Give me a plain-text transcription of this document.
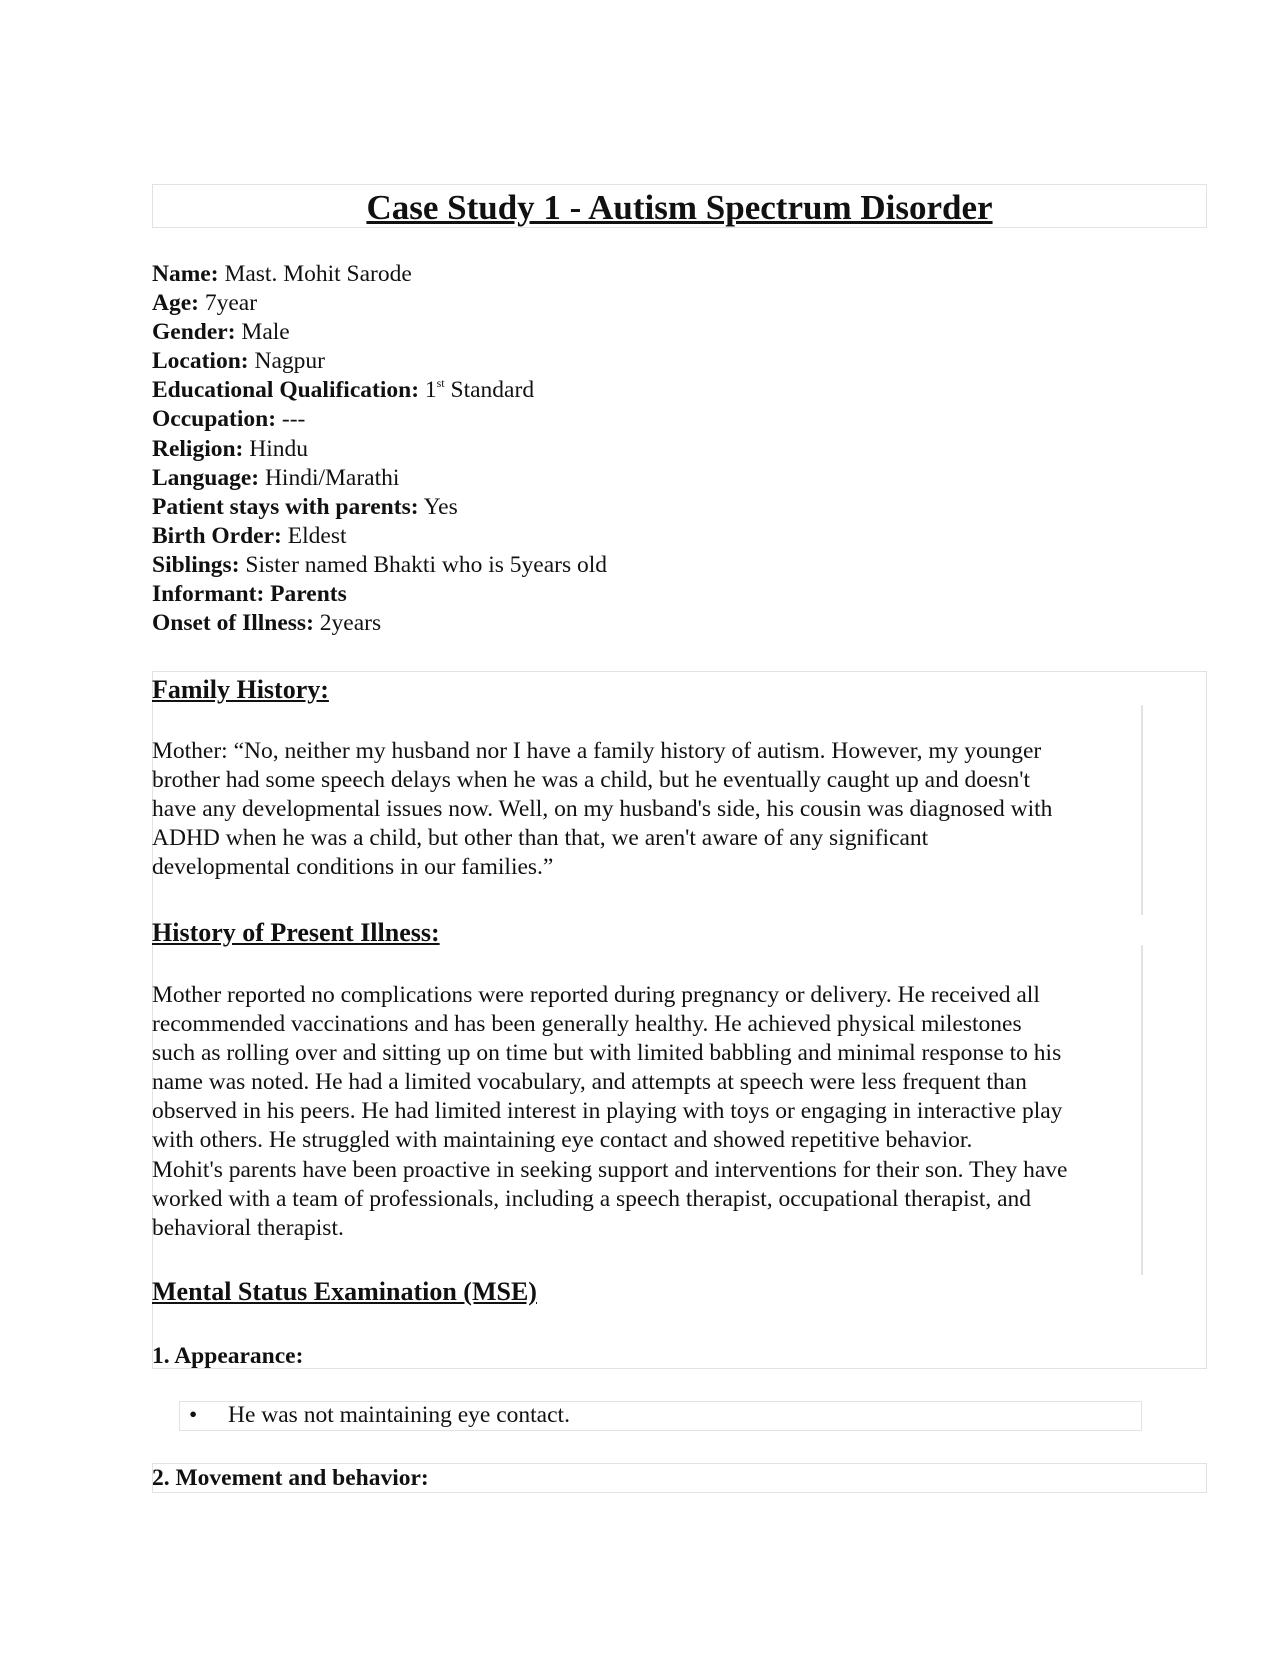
Case Study 1 - Autism Spectrum Disorder
Name: Mast. Mohit Sarode
Age: 7year
Gender: Male
Location: Nagpur
Educational Qualification: 1st Standard
Occupation: ---
Religion: Hindu
Language: Hindi/Marathi
Patient stays with parents: Yes
Birth Order: Eldest
Siblings: Sister named Bhakti who is 5years old
Informant: Parents
Onset of Illness: 2years
Family History:
Mother: “No, neither my husband nor I have a family history of autism. However, my younger
brother had some speech delays when he was a child, but he eventually caught up and doesn't
have any developmental issues now. Well, on my husband's side, his cousin was diagnosed with
ADHD when he was a child, but other than that, we aren't aware of any significant
developmental conditions in our families.”
History of Present Illness:
Mother reported no complications were reported during pregnancy or delivery. He received all
recommended vaccinations and has been generally healthy. He achieved physical milestones
such as rolling over and sitting up on time but with limited babbling and minimal response to his
name was noted. He had a limited vocabulary, and attempts at speech were less frequent than
observed in his peers. He had limited interest in playing with toys or engaging in interactive play
with others. He struggled with maintaining eye contact and showed repetitive behavior.
Mohit's parents have been proactive in seeking support and interventions for their son. They have
worked with a team of professionals, including a speech therapist, occupational therapist, and
behavioral therapist.
Mental Status Examination (MSE)
1. Appearance:
• He was not maintaining eye contact.
2. Movement and behavior:
